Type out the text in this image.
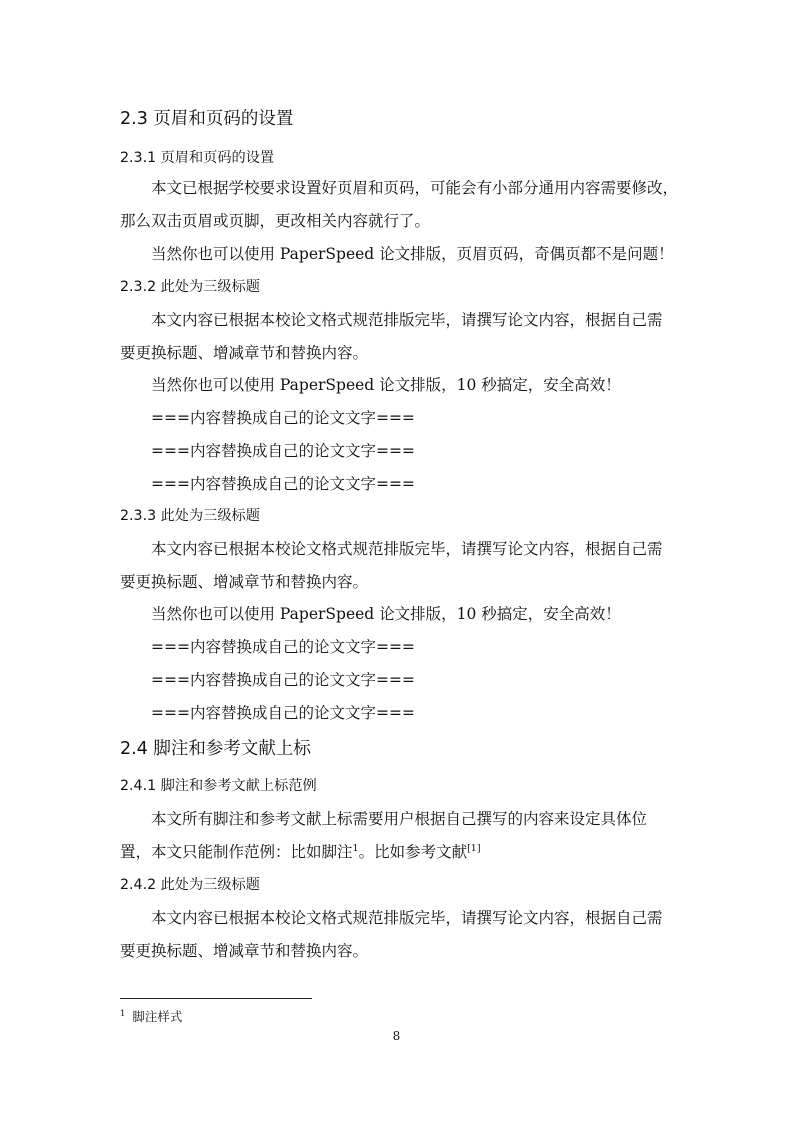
2.3 页眉和页码的设置
2.3.1 页眉和页码的设置
本文已根据学校要求设置好页眉和页码，可能会有小部分通用内容需要修改，
那么双击页眉或页脚，更改相关内容就行了。
当然你也可以使用 PaperSpeed 论文排版，页眉页码，奇偶页都不是问题！
2.3.2 此处为三级标题
本文内容已根据本校论文格式规范排版完毕，请撰写论文内容，根据自己需
要更换标题、增减章节和替换内容。
当然你也可以使用 PaperSpeed 论文排版，10 秒搞定，安全高效！
===内容替换成自己的论文文字===
===内容替换成自己的论文文字===
===内容替换成自己的论文文字===
2.3.3 此处为三级标题
本文内容已根据本校论文格式规范排版完毕，请撰写论文内容，根据自己需
要更换标题、增减章节和替换内容。
当然你也可以使用 PaperSpeed 论文排版，10 秒搞定，安全高效！
===内容替换成自己的论文文字===
===内容替换成自己的论文文字===
===内容替换成自己的论文文字===
2.4 脚注和参考文献上标
2.4.1 脚注和参考文献上标范例
本文所有脚注和参考文献上标需要用户根据自己撰写的内容来设定具体位
置，本文只能制作范例：比如脚注$^1$。比如参考文献[1]
2.4.2 此处为三级标题
本文内容已根据本校论文格式规范排版完毕，请撰写论文内容，根据自己需
要更换标题、增减章节和替换内容。
$^1$ 脚注样式
8
